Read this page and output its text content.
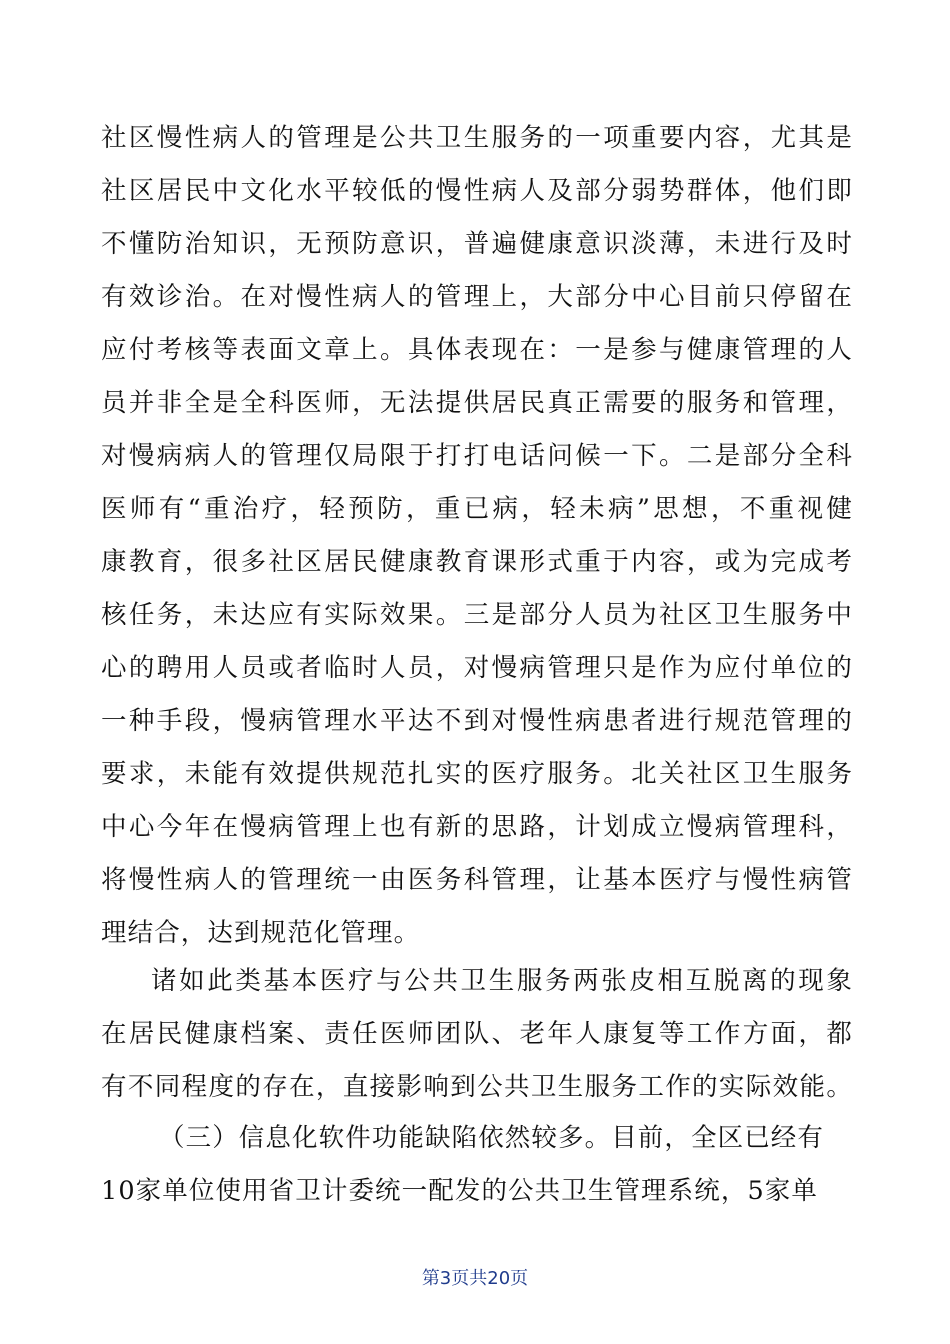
社区慢性病人的管理是公共卫生服务的一项重要内容，尤其是
社区居民中文化水平较低的慢性病人及部分弱势群体，他们即
不懂防治知识，无预防意识，普遍健康意识淡薄，未进行及时
有效诊治。在对慢性病人的管理上，大部分中心目前只停留在
应付考核等表面文章上。具体表现在：一是参与健康管理的人
员并非全是全科医师，无法提供居民真正需要的服务和管理，
对慢病病人的管理仅局限于打打电话问候一下。二是部分全科
医师有“重治疗，轻预防，重已病，轻未病”思想，不重视健
康教育，很多社区居民健康教育课形式重于内容，或为完成考
核任务，未达应有实际效果。三是部分人员为社区卫生服务中
心的聘用人员或者临时人员，对慢病管理只是作为应付单位的
一种手段，慢病管理水平达不到对慢性病患者进行规范管理的
要求，未能有效提供规范扎实的医疗服务。北关社区卫生服务
中心今年在慢病管理上也有新的思路，计划成立慢病管理科，
将慢性病人的管理统一由医务科管理，让基本医疗与慢性病管
理结合，达到规范化管理。
诸如此类基本医疗与公共卫生服务两张皮相互脱离的现象
在居民健康档案、责任医师团队、老年人康复等工作方面，都
有不同程度的存在，直接影响到公共卫生服务工作的实际效能。
（三）信息化软件功能缺陷依然较多。目前，全区已经有
10家单位使用省卫计委统一配发的公共卫生管理系统，5家单
第3页共20页
